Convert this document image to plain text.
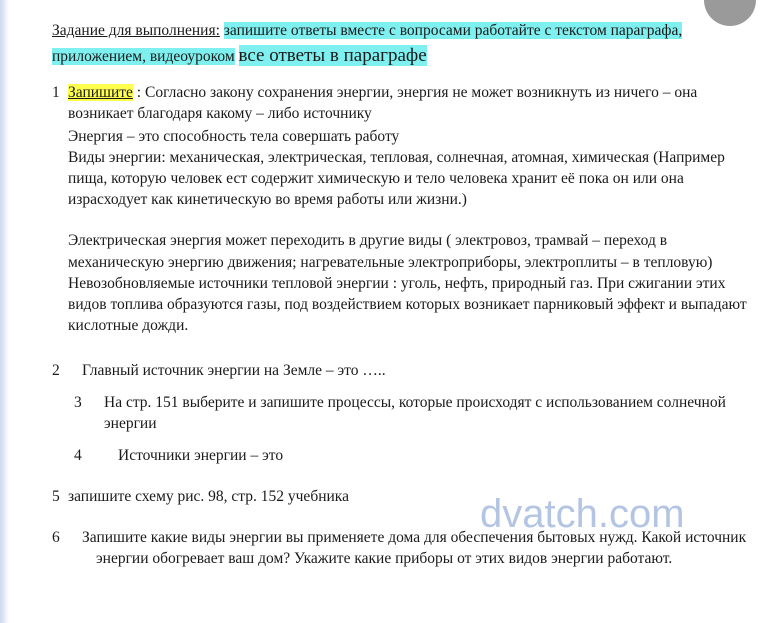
Задание для выполнения: запишите ответы вместе с вопросами работайте с текстом параграфа, приложением, видеоуроком все ответы в параграфе
1 Запишите : Согласно закону сохранения энергии, энергия не может возникнуть из ничего – она возникает благодаря какому – либо источнику
Энергия – это способность тела совершать работу
Виды энергии: механическая, электрическая, тепловая, солнечная, атомная, химическая (Например пища, которую человек ест содержит химическую и тело человека хранит её пока он или она израсходует как кинетическую во время работы или жизни.)
Электрическая энергия может переходить в другие виды ( электровоз, трамвай – переход в механическую энергию движения; нагревательные электроприборы, электроплиты – в тепловую)
Невозобновляемые источники тепловой энергии : уголь, нефть, природный газ. При сжигании этих видов топлива образуются газы, под воздействием которых возникает парниковый эффект и выпадают кислотные дожди.
2	Главный источник энергии на Земле – это …..
3	На стр. 151 выберите и запишите процессы, которые происходят с использованием солнечной энергии
4	Источники энергии – это
5 запишите схему рис. 98, стр. 152 учебника
6	Запишите какие виды энергии вы применяете дома для обеспечения бытовых нужд. Какой источник энергии обогревает ваш дом? Укажите какие приборы от этих видов энергии работают.
dvatch.com
